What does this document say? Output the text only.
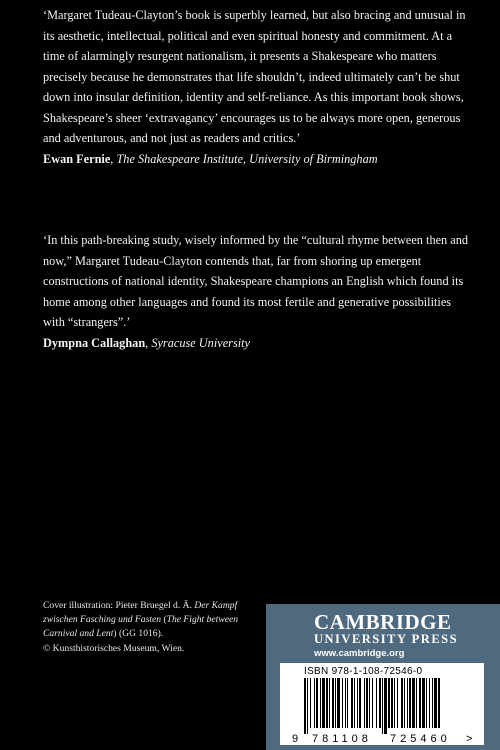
‘Margaret Tudeau-Clayton’s book is superbly learned, but also bracing and unusual in its aesthetic, intellectual, political and even spiritual honesty and commitment. At a time of alarmingly resurgent nationalism, it presents a Shakespeare who matters precisely because he demonstrates that life shouldn’t, indeed ultimately can’t be shut down into insular definition, identity and self-reliance. As this important book shows, Shakespeare’s sheer ‘extravagancy’ encourages us to be always more open, generous and adventurous, and not just as readers and critics.’
Ewan Fernie, The Shakespeare Institute, University of Birmingham

‘In this path-breaking study, wisely informed by the “cultural rhyme between then and now,” Margaret Tudeau-Clayton contends that, far from shoring up emergent constructions of national identity, Shakespeare champions an English which found its home among other languages and found its most fertile and generative possibilities with “strangers”.’
Dympna Callaghan, Syracuse University

Cover illustration: Pieter Bruegel d. Ä. Der Kampf zwischen Fasching und Fasten (The Fight between Carnival and Lent) (GG 1016).
© Kunsthistorisches Museum, Wien.
CAMBRIDGE
UNIVERSITY PRESS
www.cambridge.org
ISBN 978-1-108-72546-0
9 781108 725460 >
